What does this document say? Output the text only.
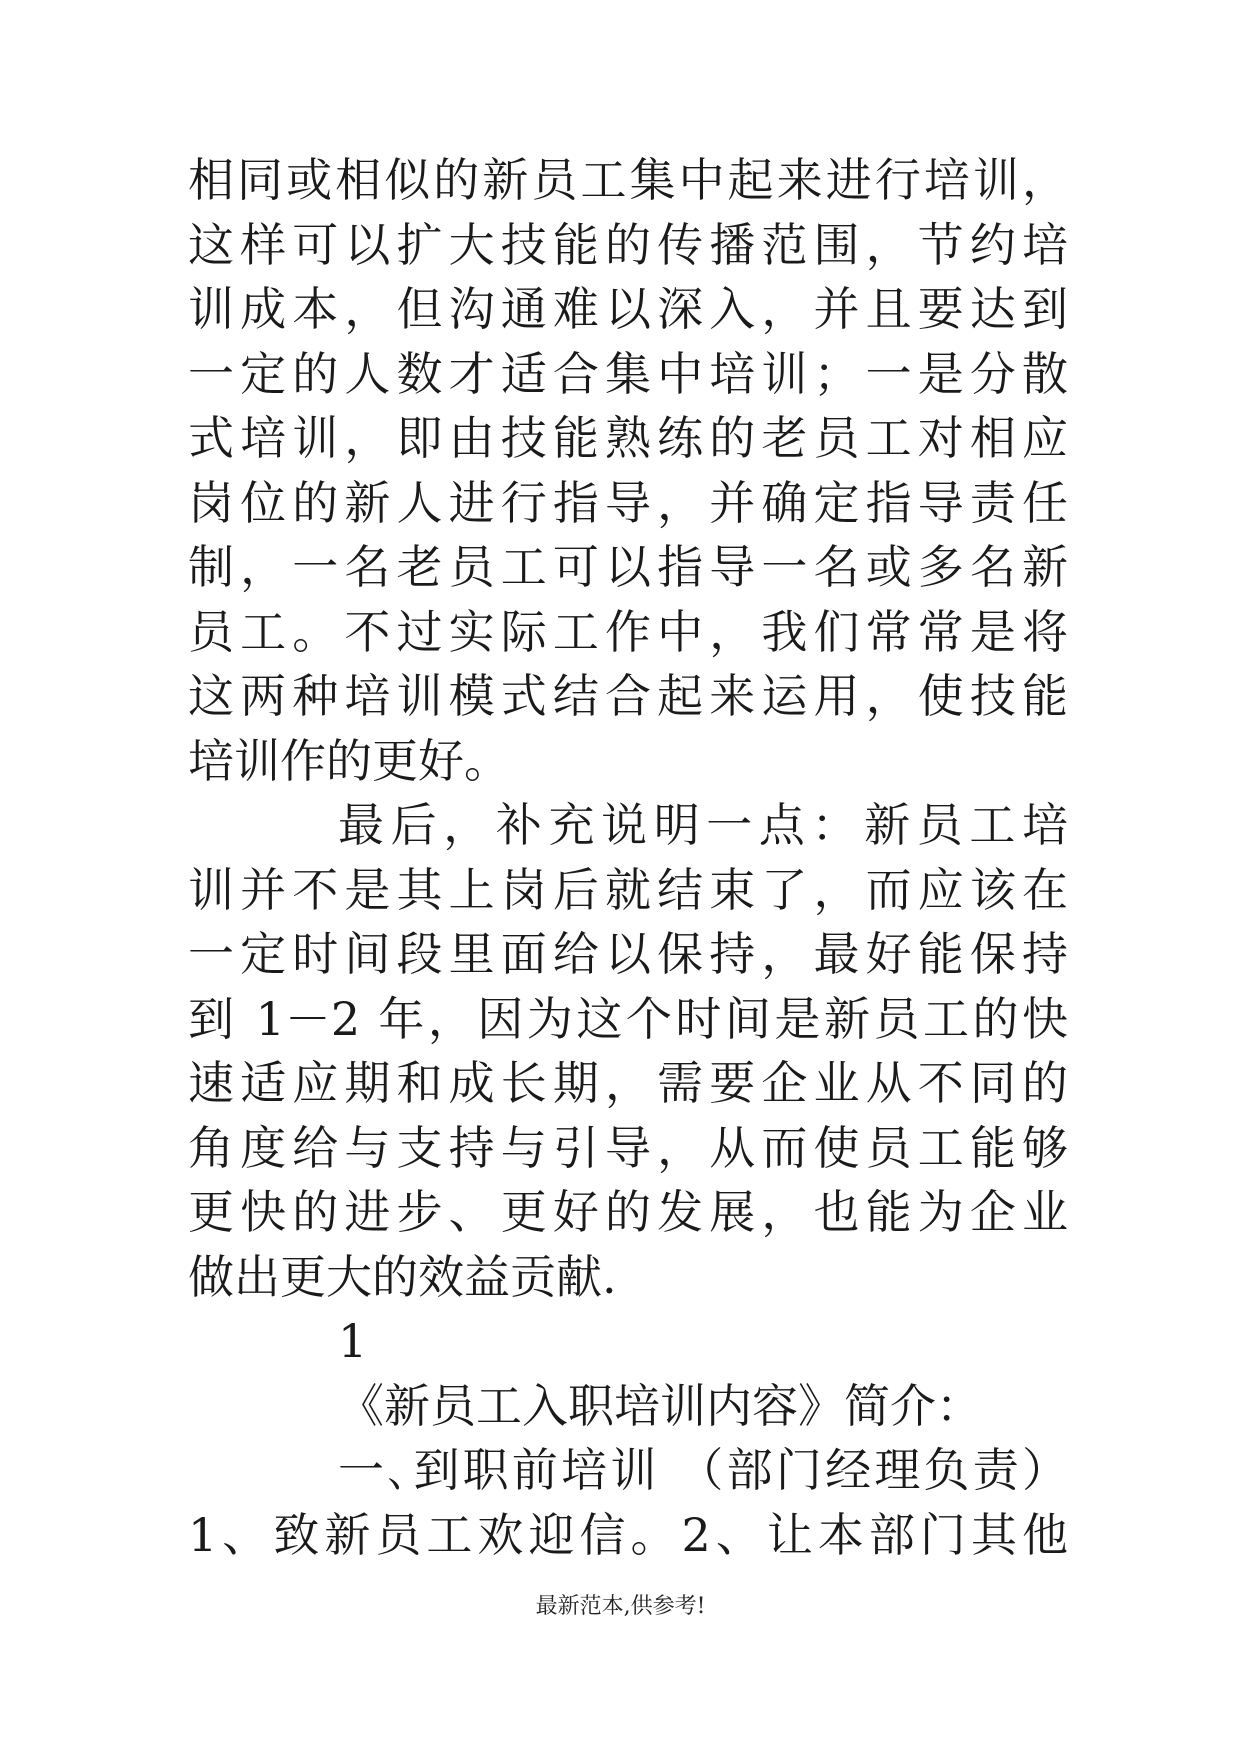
相同或相似的新员工集中起来进行培训，
这样可以扩大技能的传播范围，节约培
训成本，但沟通难以深入，并且要达到
一定的人数才适合集中培训；一是分散
式培训，即由技能熟练的老员工对相应
岗位的新人进行指导，并确定指导责任
制，一名老员工可以指导一名或多名新
员工。不过实际工作中，我们常常是将
这两种培训模式结合起来运用，使技能
培训作的更好。
最后，补充说明一点：新员工培
训并不是其上岗后就结束了，而应该在
一定时间段里面给以保持，最好能保持
到 1－2 年，因为这个时间是新员工的快
速适应期和成长期，需要企业从不同的
角度给与支持与引导，从而使员工能够
更快的进步、更好的发展，也能为企业
做出更大的效益贡献.
1
《新员工入职培训内容》简介：
一､到职前培训 （部门经理负责）
1、致新员工欢迎信。2、让本部门其他
最新范本,供参考!
